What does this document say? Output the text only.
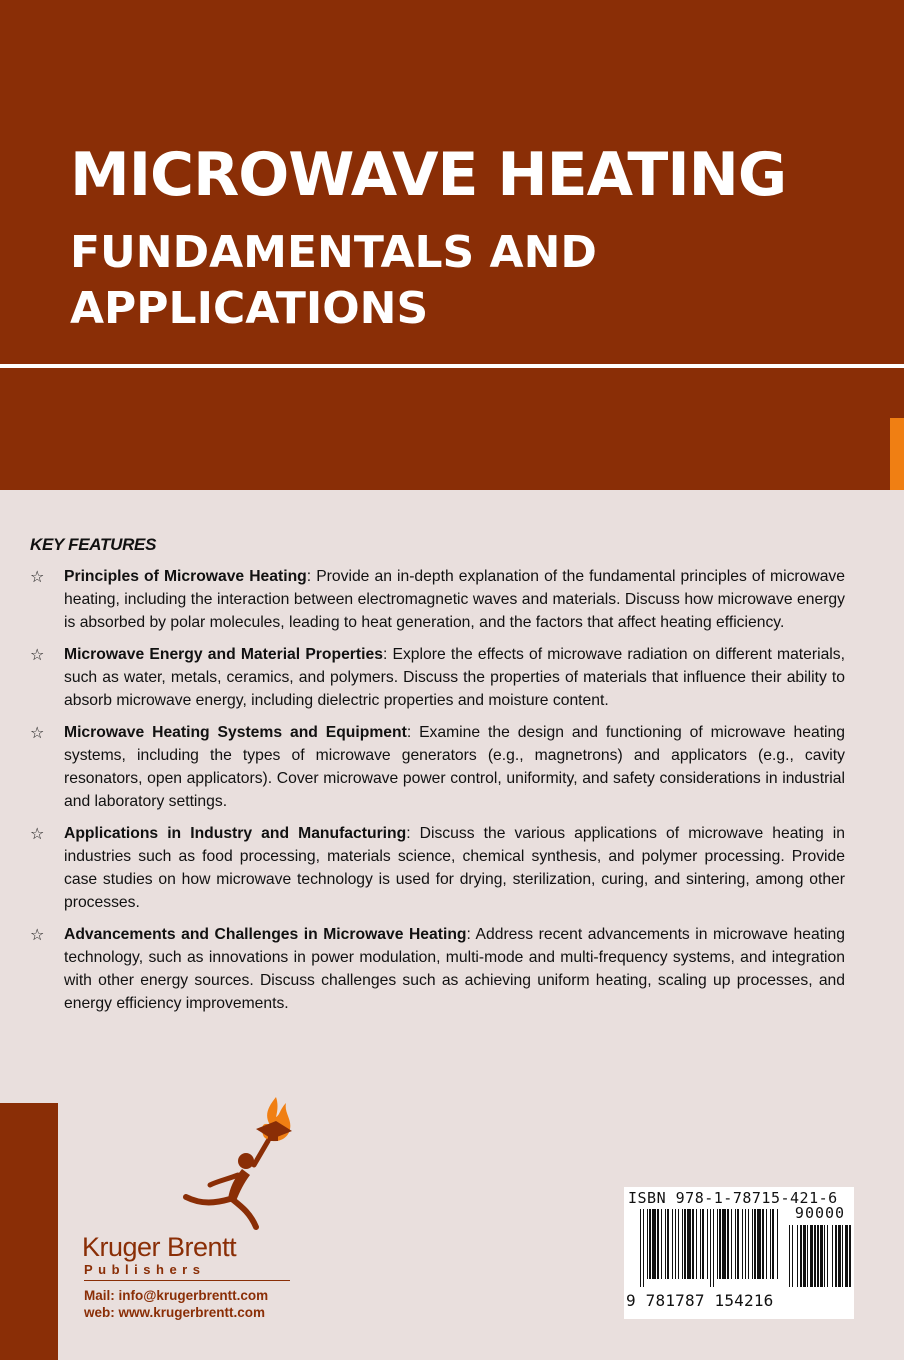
MICROWAVE HEATING
FUNDAMENTALS AND
APPLICATIONS
KEY FEATURES
☆ Principles of Microwave Heating: Provide an in-depth explanation of the fundamental principles of microwave heating, including the interaction between electromagnetic waves and materials. Discuss how microwave energy is absorbed by polar molecules, leading to heat generation, and the factors that affect heating efficiency.
☆ Microwave Energy and Material Properties: Explore the effects of microwave radiation on different materials, such as water, metals, ceramics, and polymers. Discuss the properties of materials that influence their ability to absorb microwave energy, including dielectric properties and moisture content.
☆ Microwave Heating Systems and Equipment: Examine the design and functioning of microwave heating systems, including the types of microwave generators (e.g., magnetrons) and applicators (e.g., cavity resonators, open applicators). Cover microwave power control, uniformity, and safety considerations in industrial and laboratory settings.
☆ Applications in Industry and Manufacturing: Discuss the various applications of microwave heating in industries such as food processing, materials science, chemical synthesis, and polymer processing. Provide case studies on how microwave technology is used for drying, sterilization, curing, and sintering, among other processes.
☆ Advancements and Challenges in Microwave Heating: Address recent advancements in microwave heating technology, such as innovations in power modulation, multi-mode and multi-frequency systems, and integration with other energy sources. Discuss challenges such as achieving uniform heating, scaling up processes, and energy efficiency improvements.
Kruger Brentt
Publishers
Mail: info@krugerbrentt.com
web: www.krugerbrentt.com
ISBN 978-1-78715-421-6
90000
9 781787 154216
